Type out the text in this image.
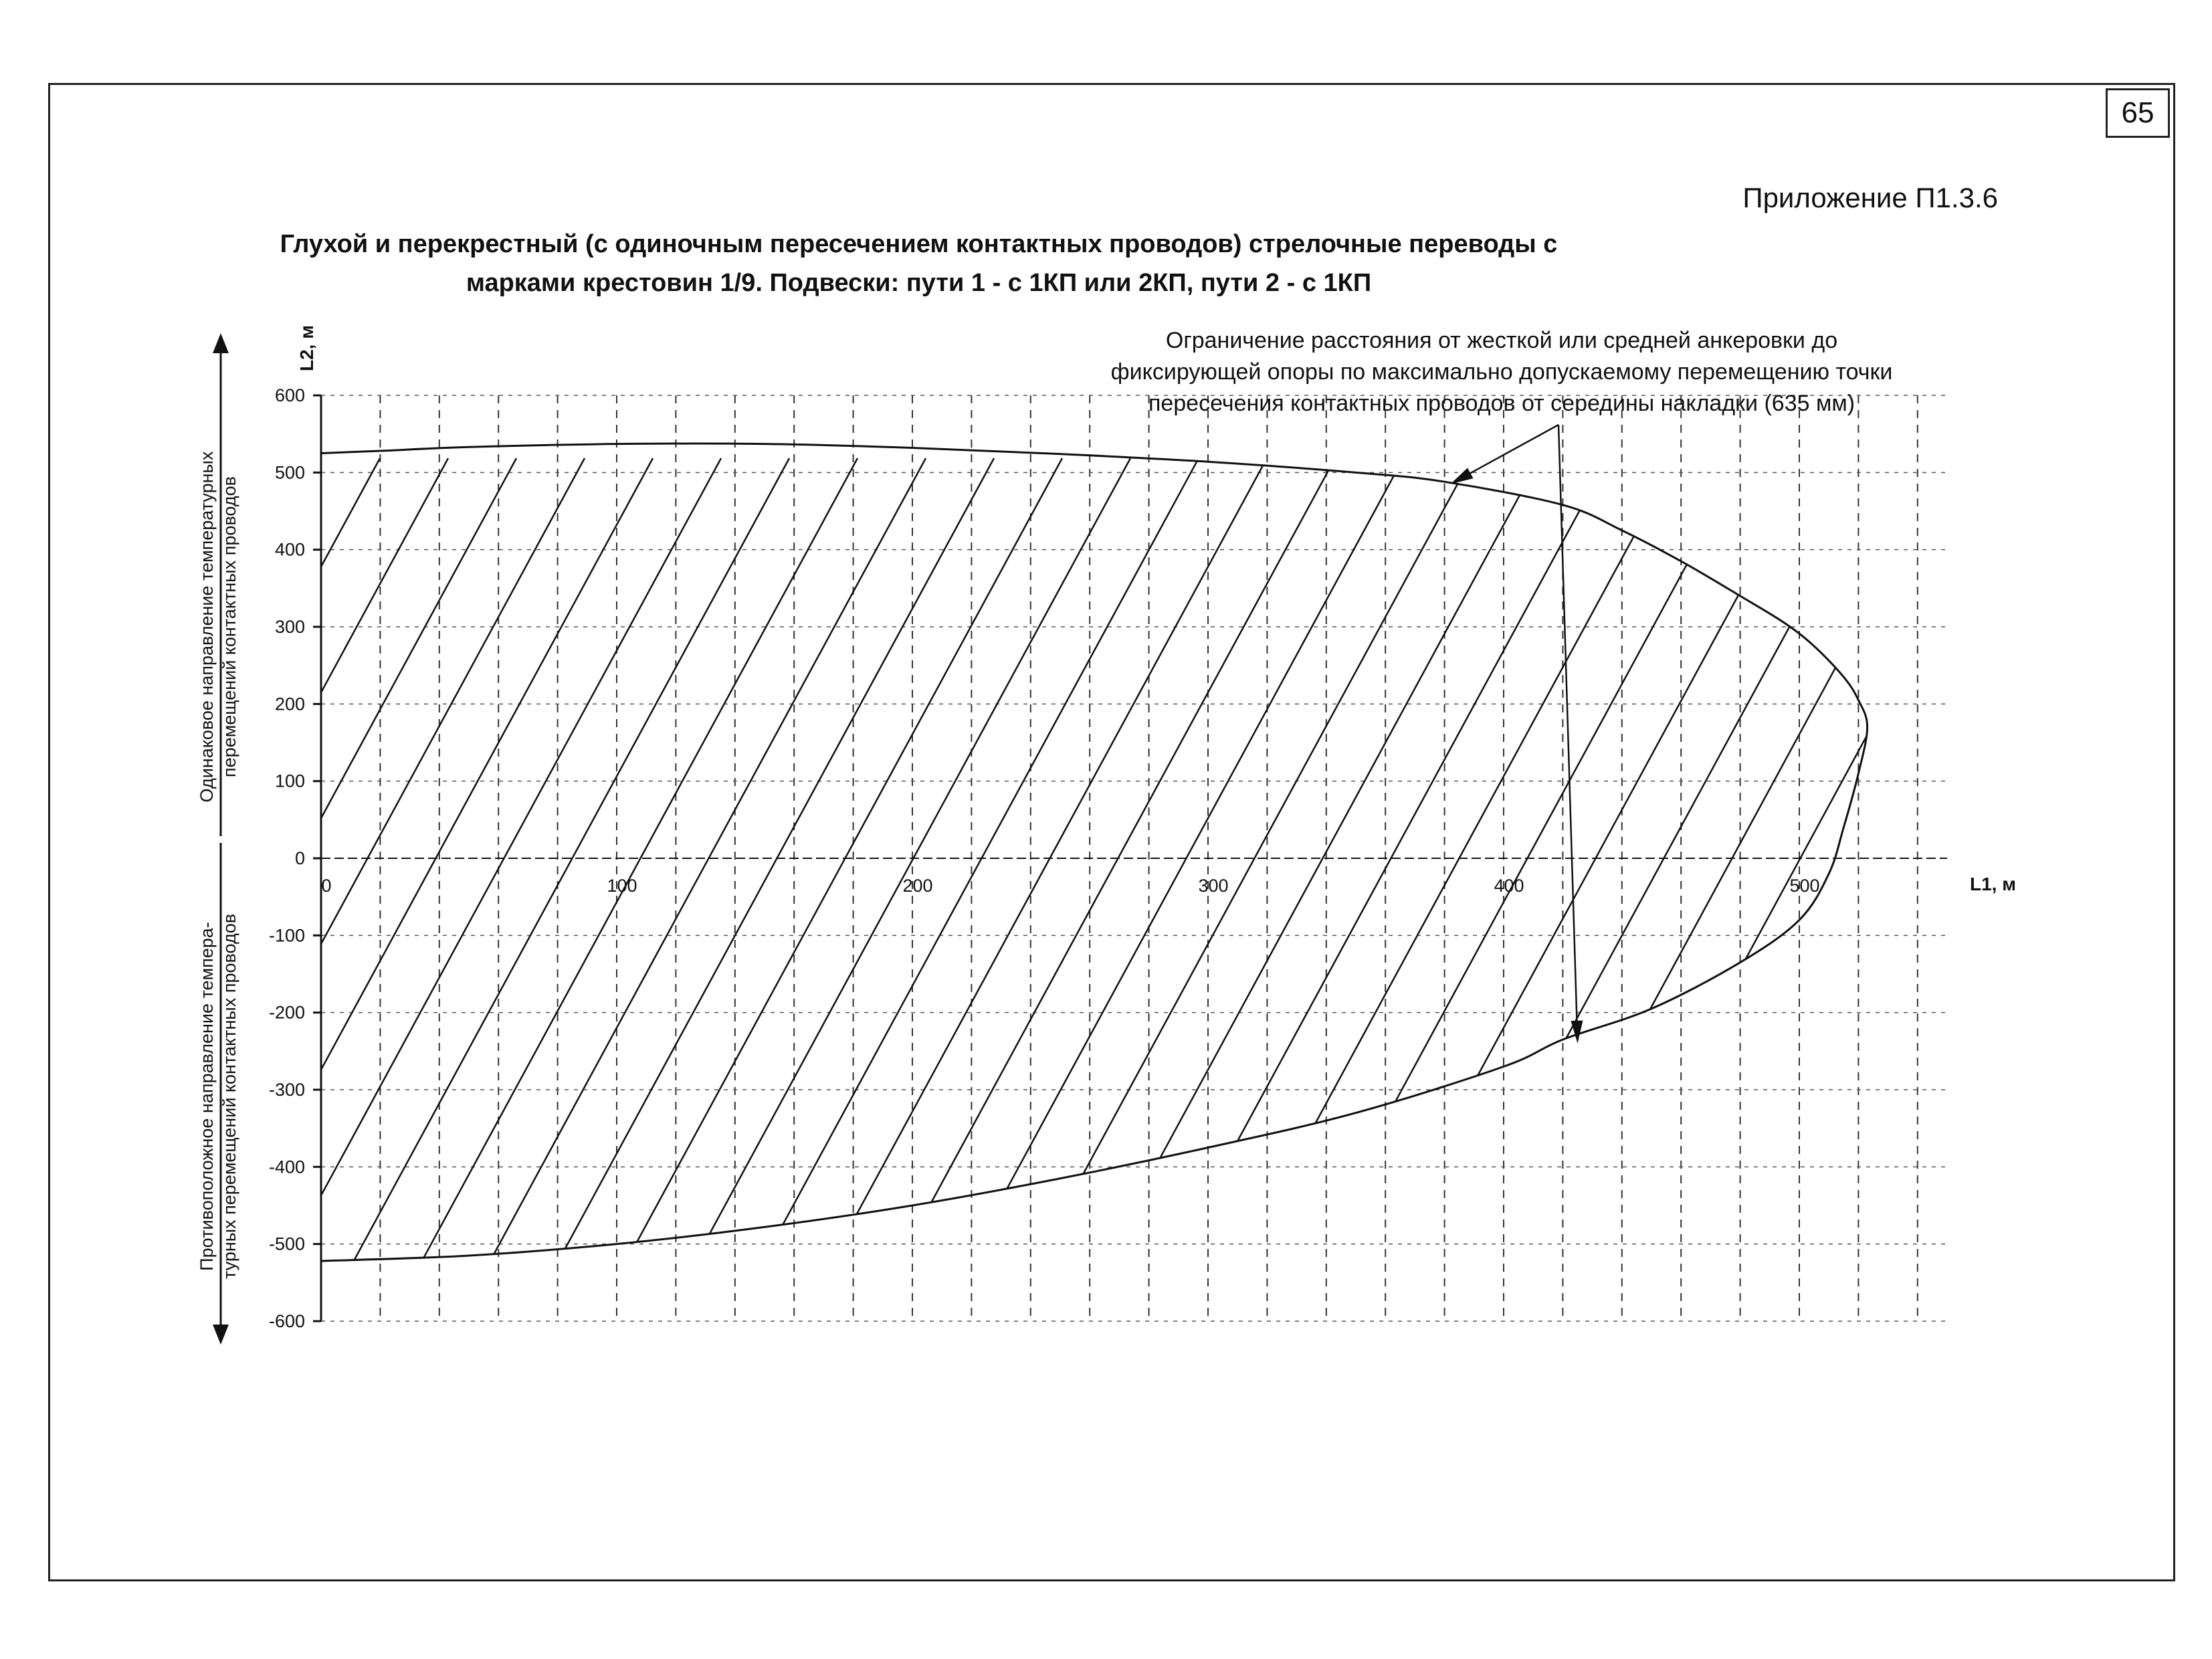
65
Приложение П1.3.6
Глухой и перекрестный (с одиночным пересечением контактных проводов) стрелочные переводы с
марками крестовин 1/9. Подвески: пути 1 - с 1КП или 2КП, пути 2 - с 1КП
600
500
400
300
200
100
0
-100
-200
-300
-400
-500
-600
0	100	200	300	400	500	L1, м
L2, м
Одинаковое направление температурных перемещений контактных проводов
Противоположное направление темпера- турных перемещений контактных проводов
Ограничение расстояния от жесткой или средней анкеровки до
фиксирующей опоры по максимально допускаемому перемещению точки
пересечения контактных проводов от середины накладки (635 мм)
